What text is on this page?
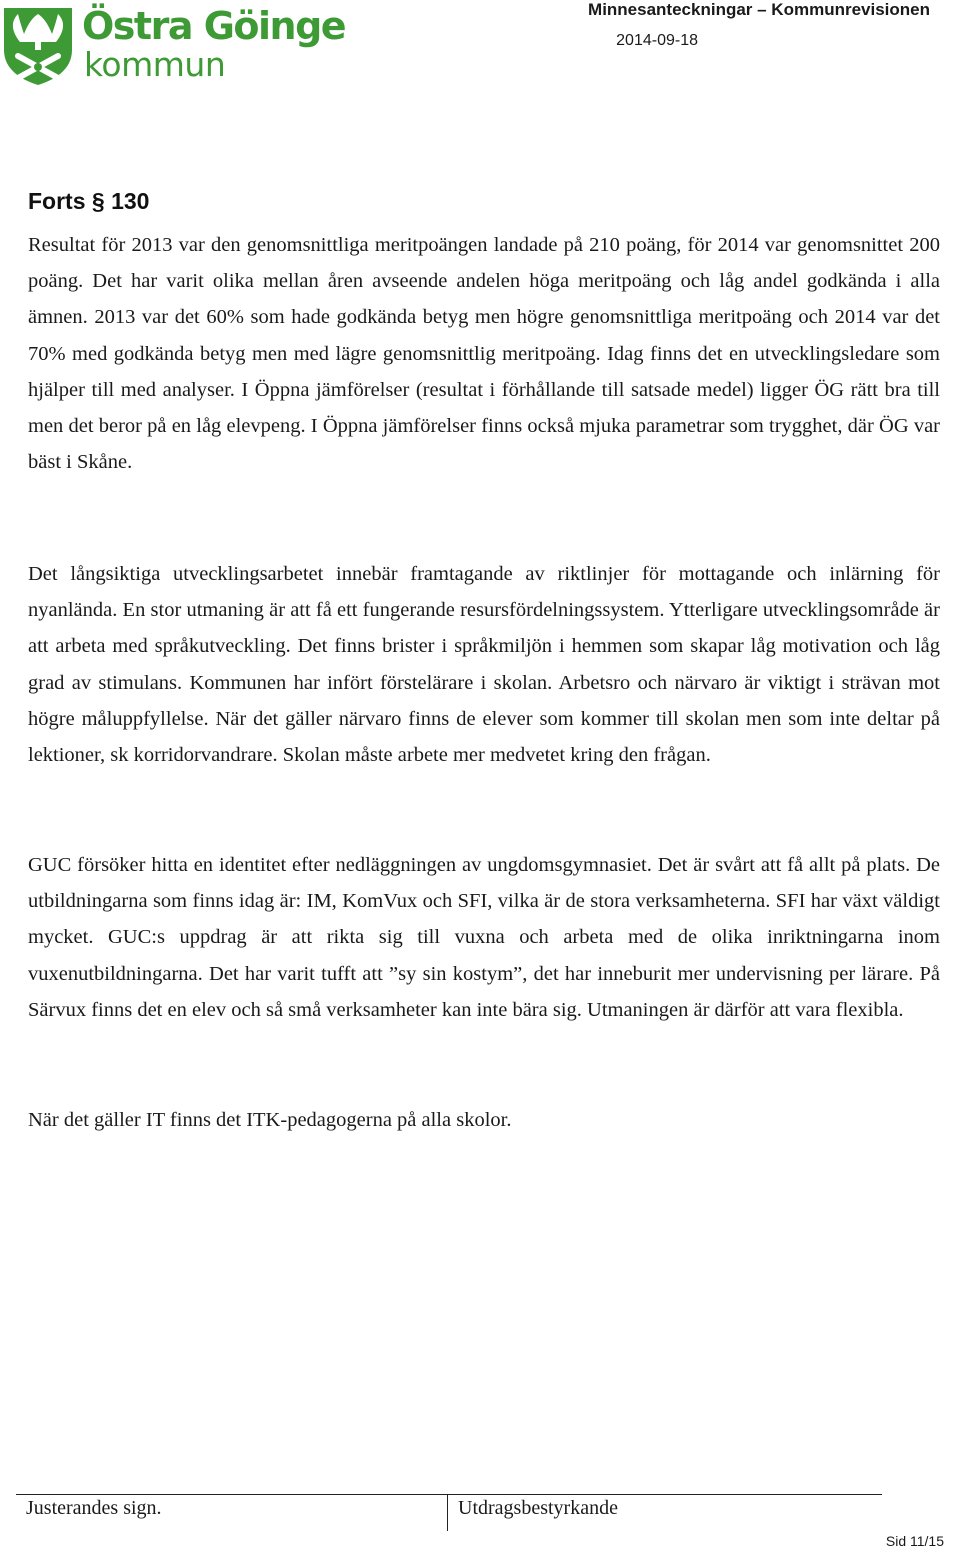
Östra Göinge
kommun
Minnesanteckningar – Kommunrevisionen
2014-09-18
Forts § 130

Resultat för 2013 var den genomsnittliga meritpoängen landade på 210 poäng, för 2014 var genomsnittet 200 poäng. Det har varit olika mellan åren avseende andelen höga meritpoäng och låg andel godkända i alla ämnen. 2013 var det 60% som hade godkända betyg men högre genomsnittliga meritpoäng och 2014 var det 70% med godkända betyg men med lägre genomsnittlig meritpoäng. Idag finns det en utvecklingsledare som hjälper till med analyser. I Öppna jämförelser (resultat i förhållande till satsade medel) ligger ÖG rätt bra till men det beror på en låg elevpeng. I Öppna jämförelser finns också mjuka parametrar som trygghet, där ÖG var bäst i Skåne.

Det långsiktiga utvecklingsarbetet innebär framtagande av riktlinjer för mottagande och inlärning för nyanlända. En stor utmaning är att få ett fungerande resursfördelningssystem. Ytterligare utvecklingsområde är att arbeta med språkutveckling. Det finns brister i språkmiljön i hemmen som skapar låg motivation och låg grad av stimulans. Kommunen har infört förstelärare i skolan. Arbetsro och närvaro är viktigt i strävan mot högre måluppfyllelse. När det gäller närvaro finns de elever som kommer till skolan men som inte deltar på lektioner, sk korridorvandrare. Skolan måste arbete mer medvetet kring den frågan.

GUC försöker hitta en identitet efter nedläggningen av ungdomsgymnasiet. Det är svårt att få allt på plats. De utbildningarna som finns idag är: IM, KomVux och SFI, vilka är de stora verksamheterna. SFI har växt väldigt mycket. GUC:s uppdrag är att rikta sig till vuxna och arbeta med de olika inriktningarna inom vuxenutbildningarna. Det har varit tufft att ”sy sin kostym”, det har inneburit mer undervisning per lärare. På Särvux finns det en elev och så små verksamheter kan inte bära sig. Utmaningen är därför att vara flexibla.

När det gäller IT finns det ITK-pedagogerna på alla skolor.

Justerandes sign.	Utdragsbestyrkande
Sid 11/15
